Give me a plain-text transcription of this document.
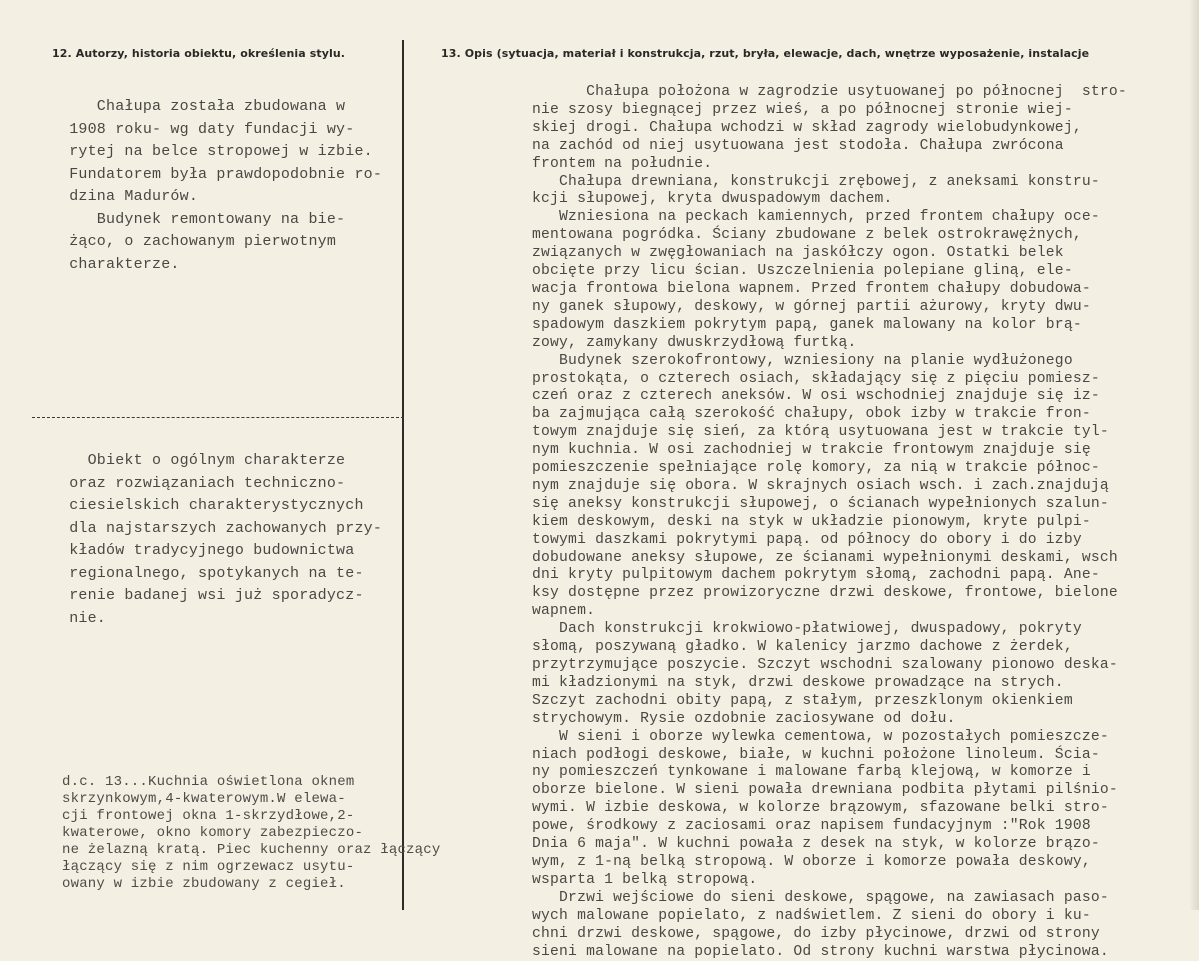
12. Autorzy, historia obiektu, określenia stylu.	13. Opis (sytuacja, materiał i konstrukcja, rzut, bryła, elewacje, dach, wnętrze wyposażenie, instalacje
Chałupa została zbudowana w
1908 roku- wg daty fundacji wy-
rytej na belce stropowej w izbie.
Fundatorem była prawdopodobnie ro-
dzina Madurów.
Budynek remontowany na bie-
żąco, o zachowanym pierwotnym
charakterze.
Obiekt o ogólnym charakterze
oraz rozwiązaniach techniczno-
ciesielskich charakterystycznych
dla najstarszych zachowanych przy-
kładów tradycyjnego budownictwa
regionalnego, spotykanych na te-
renie badanej wsi już sporadycz-
nie.
d.c. 13...Kuchnia oświetlona oknem
skrzynkowym,4-kwaterowym.W elewa-
cji frontowej okna 1-skrzydłowe,2-
kwaterowe, okno komory zabezpieczo-
ne żelazną kratą. Piec kuchenny oraz łączący
łączący się z nim ogrzewacz usytu-
owany w izbie zbudowany z cegieł.
Chałupa położona w zagrodzie usytuowanej po północnej  stro-
nie szosy biegnącej przez wieś, a po północnej stronie wiej-
skiej drogi. Chałupa wchodzi w skład zagrody wielobudynkowej,
na zachód od niej usytuowana jest stodoła. Chałupa zwrócona
frontem na południe.
Chałupa drewniana, konstrukcji zrębowej, z aneksami konstru-
kcji słupowej, kryta dwuspadowym dachem.
Wzniesiona na peckach kamiennych, przed frontem chałupy oce-
mentowana pogródka. Ściany zbudowane z belek ostrokrawężnych,
związanych w zwęgłowaniach na jaskółczy ogon. Ostatki belek
obcięte przy licu ścian. Uszczelnienia polepiane gliną, ele-
wacja frontowa bielona wapnem. Przed frontem chałupy dobudowa-
ny ganek słupowy, deskowy, w górnej partii ażurowy, kryty dwu-
spadowym daszkiem pokrytym papą, ganek malowany na kolor brą-
zowy, zamykany dwuskrzydłową furtką.
Budynek szerokofrontowy, wzniesiony na planie wydłużonego
prostokąta, o czterech osiach, składający się z pięciu pomiesz-
czeń oraz z czterech aneksów. W osi wschodniej znajduje się iz-
ba zajmująca całą szerokość chałupy, obok izby w trakcie fron-
towym znajduje się sień, za którą usytuowana jest w trakcie tyl-
nym kuchnia. W osi zachodniej w trakcie frontowym znajduje się
pomieszczenie spełniające rolę komory, za nią w trakcie północ-
nym znajduje się obora. W skrajnych osiach wsch. i zach.znajdują
się aneksy konstrukcji słupowej, o ścianach wypełnionych szalun-
kiem deskowym, deski na styk w układzie pionowym, kryte pulpi-
towymi daszkami pokrytymi papą. od północy do obory i do izby
dobudowane aneksy słupowe, ze ścianami wypełnionymi deskami, wsch
dni kryty pulpitowym dachem pokrytym słomą, zachodni papą. Ane-
ksy dostępne przez prowizoryczne drzwi deskowe, frontowe, bielone
wapnem.
Dach konstrukcji krokwiowo-płatwiowej, dwuspadowy, pokryty
słomą, poszywaną gładko. W kalenicy jarzmo dachowe z żerdek,
przytrzymujące poszycie. Szczyt wschodni szalowany pionowo deska-
mi kładzionymi na styk, drzwi deskowe prowadzące na strych.
Szczyt zachodni obity papą, z stałym, przeszklonym okienkiem
strychowym. Rysie ozdobnie zaciosywane od dołu.
W sieni i oborze wylewka cementowa, w pozostałych pomieszcze-
niach podłogi deskowe, białe, w kuchni położone linoleum. Ścia-
ny pomieszczeń tynkowane i malowane farbą klejową, w komorze i
oborze bielone. W sieni powała drewniana podbita płytami pilśnio-
wymi. W izbie deskowa, w kolorze brązowym, sfazowane belki stro-
powe, środkowy z zaciosami oraz napisem fundacyjnym :"Rok 1908
Dnia 6 maja". W kuchni powała z desek na styk, w kolorze brązo-
wym, z 1-ną belką stropową. W oborze i komorze powała deskowy,
wsparta 1 belką stropową.
Drzwi wejściowe do sieni deskowe, spągowe, na zawiasach paso-
wych malowane popielato, z nadświetlem. Z sieni do obory i ku-
chni drzwi deskowe, spągowe, do izby płycinowe, drzwi od strony
sieni malowane na popielato. Od strony kuchni warstwa płycinowa.
